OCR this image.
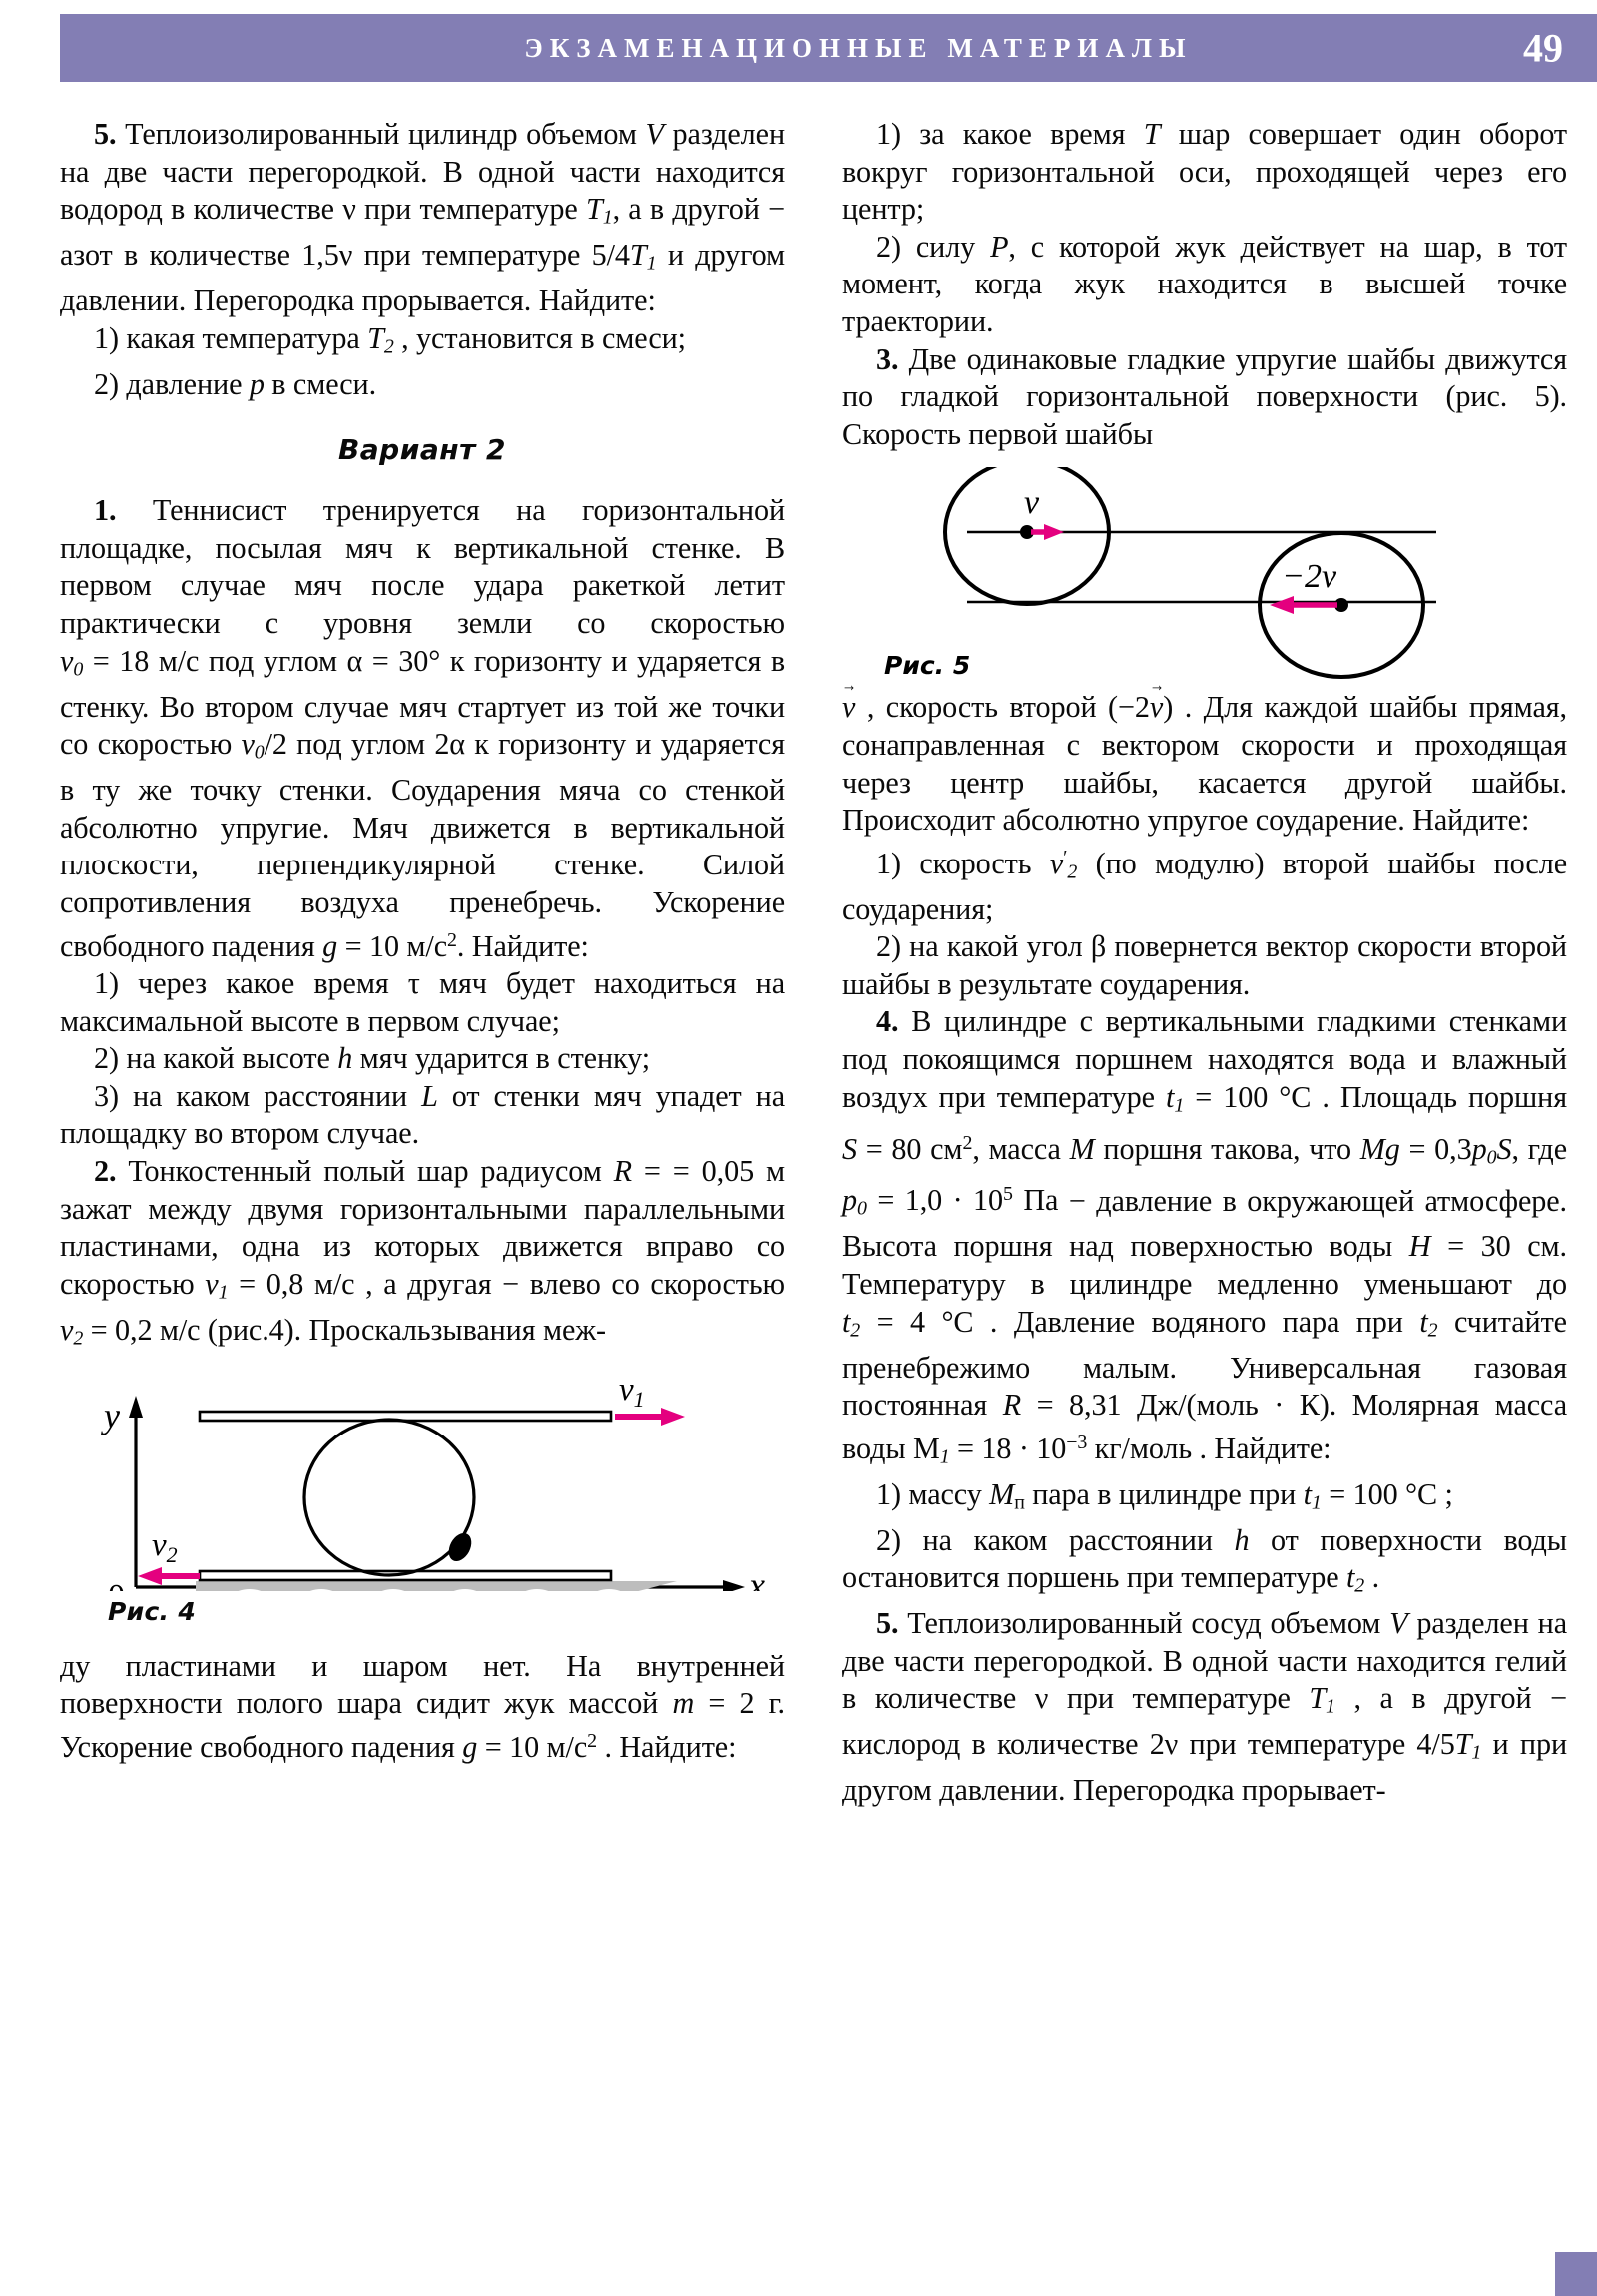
ЭКЗАМЕНАЦИОННЫЕ МАТЕРИАЛЫ	49

5. Теплоизолированный цилиндр объемом V разделен на две части перегородкой. В одной части находится водород в количестве ν при температуре $T_1$, а в другой − азот в количестве 1,5ν при температуре $5/4T_1$ и другом давлении. Перегородка прорывается. Найдите:

1) какая температура $T_2$ , установится в смеси;

2) давление p в смеси.

Вариант 2

1. Теннисист тренируется на горизонтальной площадке, посылая мяч к вертикальной стенке. В первом случае мяч после удара ракеткой летит практически с уровня земли со скоростью $v_0 = 18$ м/с под углом α = 30° к горизонту и ударяется в стенку. Во втором случае мяч стартует из той же точки со скоростью $v_0/2$ под углом 2α к горизонту и ударяется в ту же точку стенки. Соударения мяча со стенкой абсолютно упругие. Мяч движется в вертикальной плоскости, перпендикулярной стенке. Силой сопротивления воздуха пренебречь. Ускорение свободного падения g = 10 $м/с^2$. Найдите:

1) через какое время τ мяч будет находиться на максимальной высоте в первом случае;

2) на какой высоте h мяч ударится в стенку;

3) на каком расстоянии L от стенки мяч упадет на площадку во втором случае.

2. Тонкостенный полый шар радиусом R = = 0,05 м зажат между двумя горизонтальными параллельными пластинами, одна из которых движется вправо со скоростью $v_1 = 0,8$ м/с , а другая − влево со скоростью $v_2 = 0,2$ м/с (рис.4). Проскальзывания меж-

y
x
$v_1$
$v_2$
Рис. 4

ду пластинами и шаром нет. На внутренней поверхности полого шара сидит жук массой m = 2 г. Ускорение свободного падения g = 10 $м/с^2$ . Найдите:

1) за какое время T шар совершает один оборот вокруг горизонтальной оси, проходящей через его центр;

2) силу P, с которой жук действует на шар, в тот момент, когда жук находится в высшей точке траектории.

3. Две одинаковые гладкие упругие шайбы движутся по гладкой горизонтальной поверхности (рис. 5). Скорость первой шайбы

v
−2v
Рис. 5

v → , скорость второй (−2v →) . Для каждой шайбы прямая, сонаправленная с вектором скорости и проходящая через центр шайбы, касается другой шайбы. Происходит абсолютно упругое соударение. Найдите:

1) скорость $v'_2$ (по модулю) второй шайбы после соударения;

2) на какой угол β повернется вектор скорости второй шайбы в результате соударения.

4. В цилиндре с вертикальными гладкими стенками под покоящимся поршнем находятся вода и влажный воздух при температуре $t_1 = 100$ °C . Площадь поршня S = 80 $см^2$, масса M поршня такова, что $Mg = 0,3p_0S$, где $p_0 = 1,0 \cdot 10^5$ Па − давление в окружающей атмосфере. Высота поршня над поверхностью воды H = 30 см. Температуру в цилиндре медленно уменьшают до $t_2 = 4$ °C . Давление водяного пара при $t_2$ считайте пренебрежимо малым. Универсальная газовая постоянная R = 8,31 Дж/(моль · К). Молярная масса воды $М_1 = 18 \cdot 10^{-3}$ кг/моль . Найдите:

1) массу $M_п$ пара в цилиндре при $t_1 = 100$ °C ;

2) на каком расстоянии h от поверхности воды остановится поршень при температуре $t_2$ .

5. Теплоизолированный сосуд объемом V разделен на две части перегородкой. В одной части находится гелий в количестве ν при температуре $T_1$ , а в другой − кислород в количестве 2ν при температуре $4/5T_1$ и при другом давлении. Перегородка прорывает-
